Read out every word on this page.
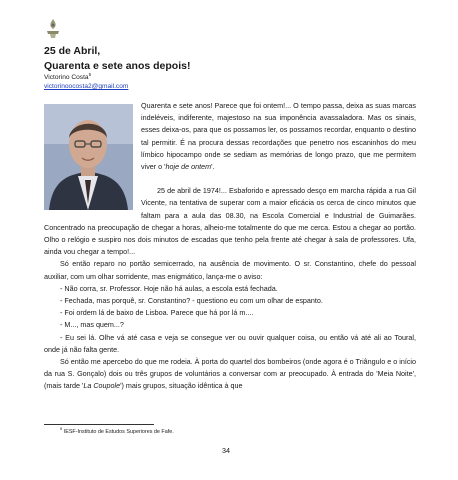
25 de Abril,
Quarenta e sete anos depois!
Victorino Costa$^5$
victorinoocosta2@gmail.com

Quarenta e sete anos! Parece que foi ontem!... O tempo passa, deixa as suas marcas indeléveis, indiferente, majestoso na sua imponência avassaladora. Mas os sinais, esses deixa-os, para que os possamos ler, os possamos recordar, enquanto o destino tal permitir. É na procura dessas recordações que penetro nos escaninhos do meu límbico hipocampo onde se sediam as memórias de longo prazo, que me permitem viver o 'hoje de ontem'.

25 de abril de 1974!... Esbaforido e apressado desço em marcha rápida a rua Gil Vicente, na tentativa de superar com a maior eficácia os cerca de cinco minutos que faltam para a aula das 08.30, na Escola Comercial e Industrial de Guimarães. Concentrado na preocupação de chegar a horas, alheio-me totalmente do que me cerca. Estou a chegar ao portão. Olho o relógio e suspiro nos dois minutos de escadas que tenho pela frente até chegar à sala de professores. Ufa, ainda vou chegar a tempo!...

Só então reparo no portão semicerrado, na ausência de movimento. O sr. Constantino, chefe do pessoal auxiliar, com um olhar sorridente, mas enigmático, lança-me o aviso:

- Não corra, sr. Professor. Hoje não há aulas, a escola está fechada.

- Fechada, mas porquê, sr. Constantino? - questiono eu com um olhar de espanto.

- Foi ordem lá de baixo de Lisboa. Parece que há por lá m....

- M..., mas quem...?

- Eu sei lá. Olhe vá até casa e veja se consegue ver ou ouvir qualquer coisa, ou então vá até ali ao Toural, onde já não falta gente.

Só então me apercebo do que me rodeia. À porta do quartel dos bombeiros (onde agora é o Triângulo e o início da rua S. Gonçalo) dois ou três grupos de voluntários a conversar com ar preocupado. À entrada do 'Meia Noite', (mais tarde 'La Coupole') mais grupos, situação idêntica à que

$^5$ IESF-Instituto de Estudos Superiores de Fafe.
34
